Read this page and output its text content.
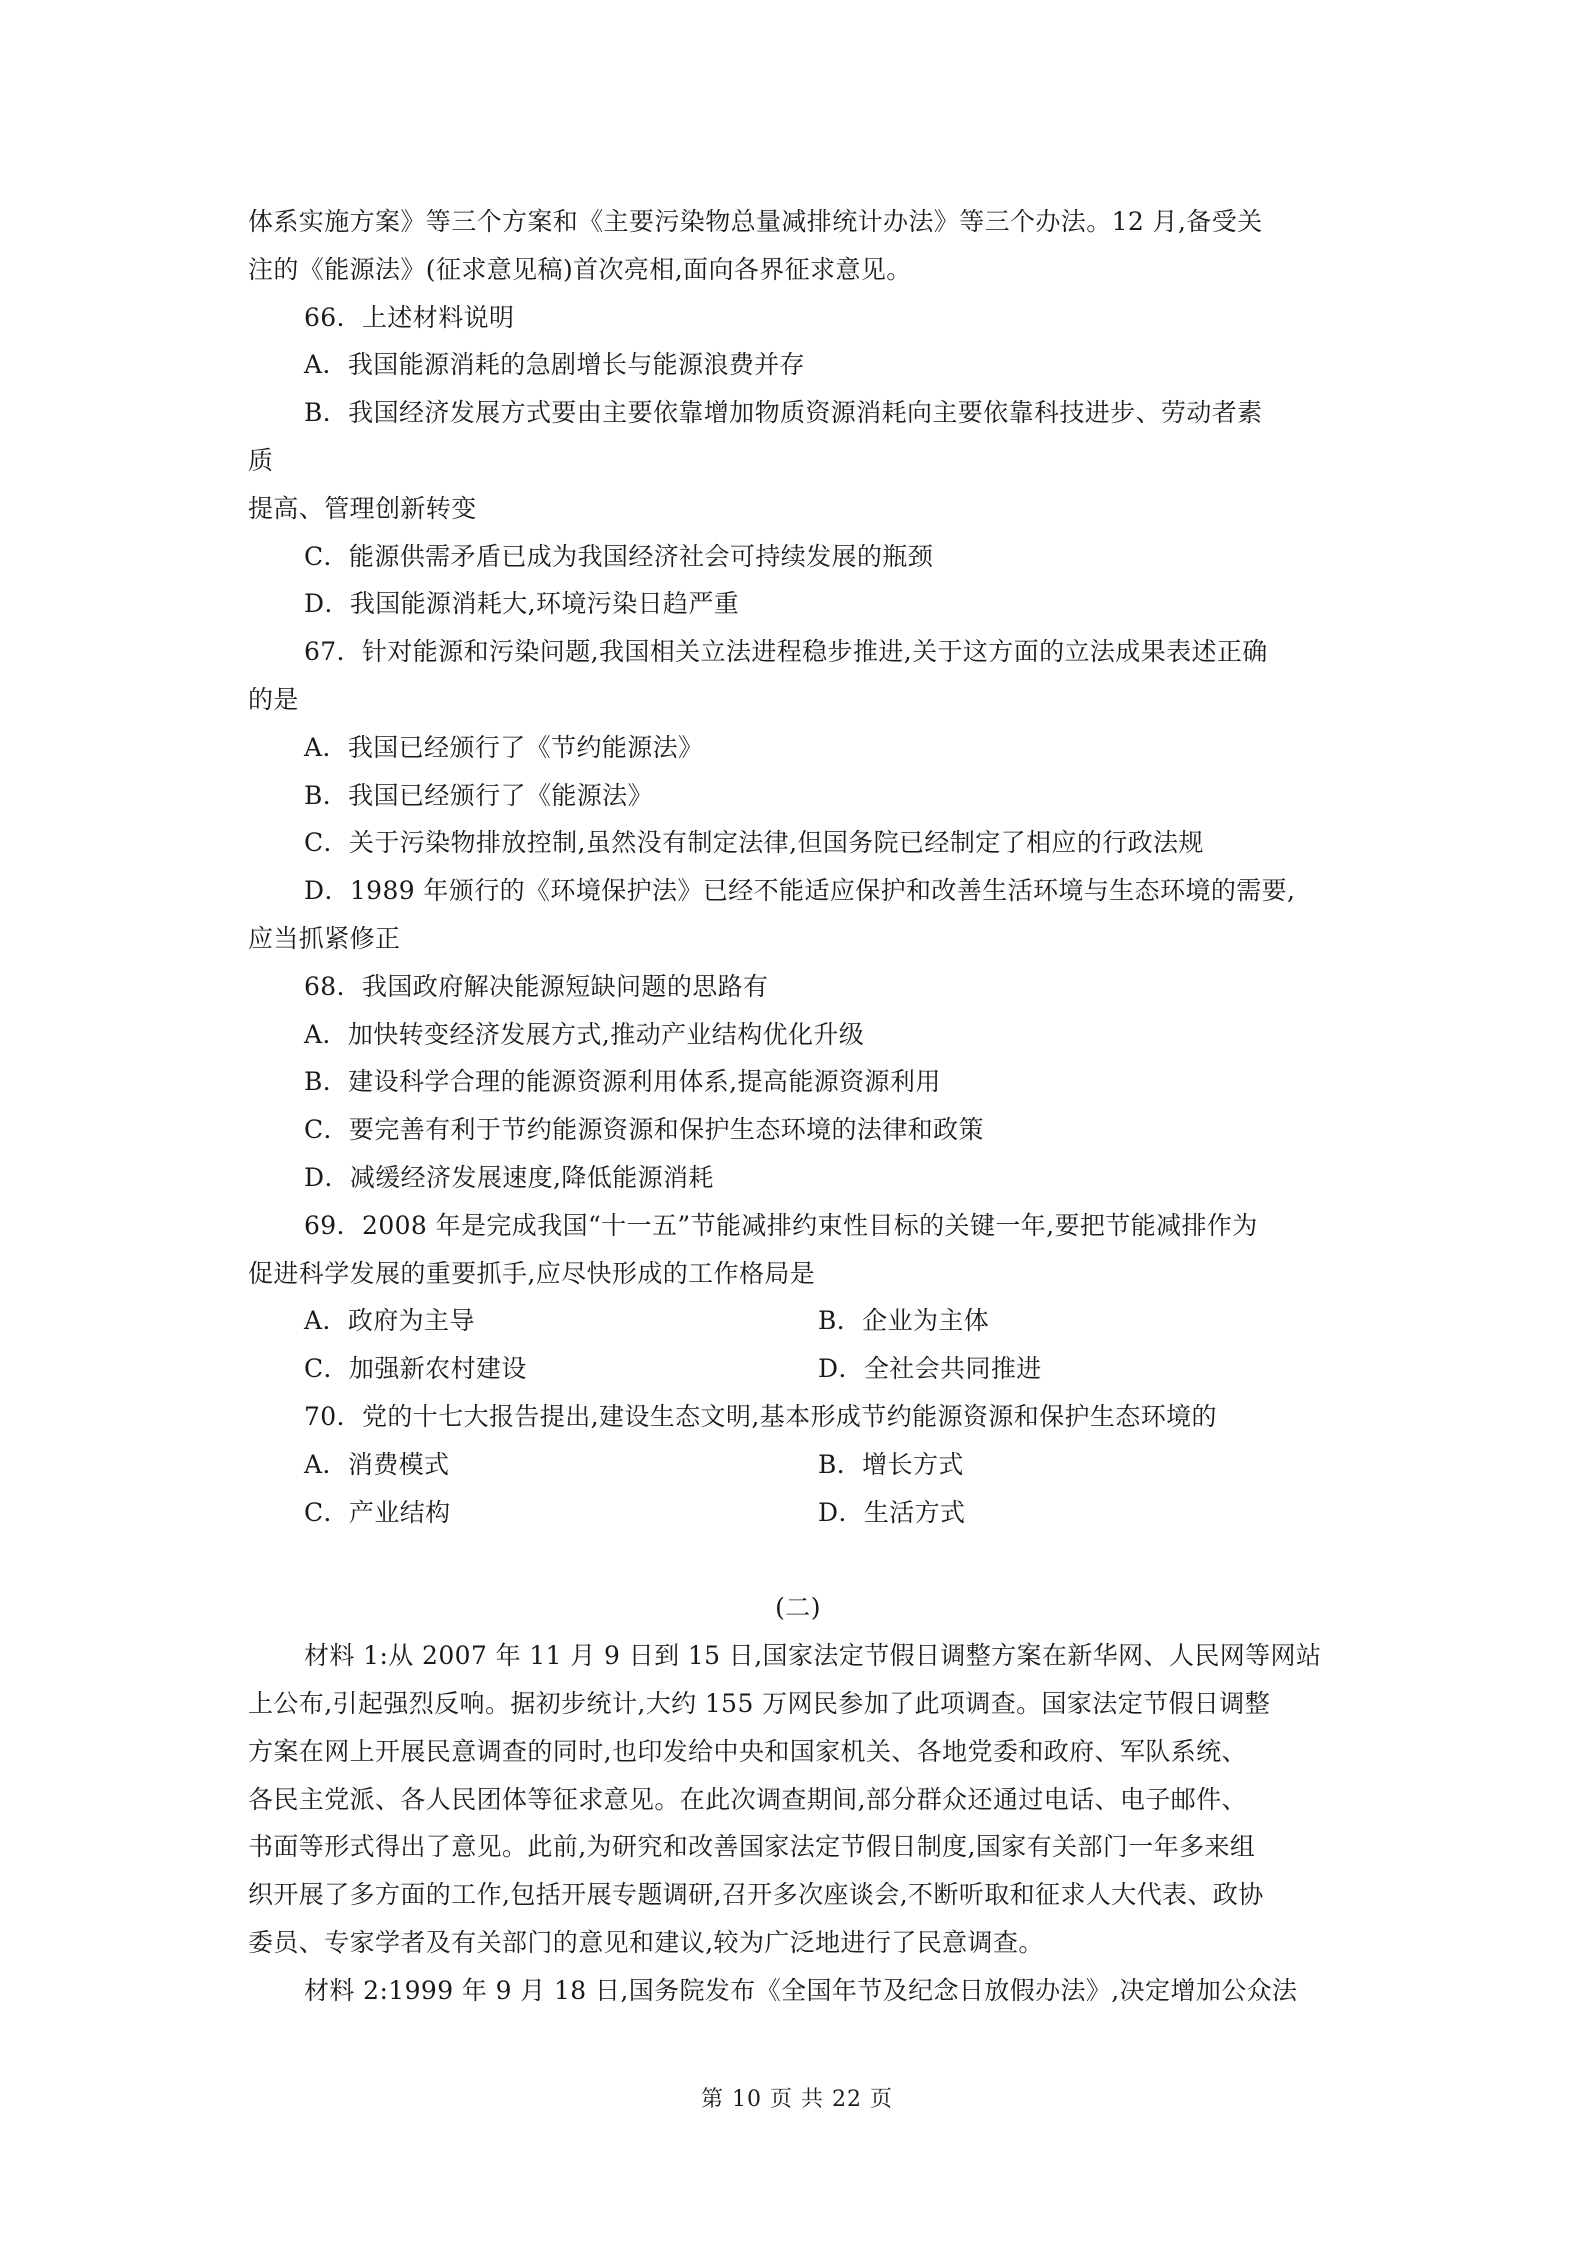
体系实施方案》等三个方案和《主要污染物总量减排统计办法》等三个办法。12 月,备受关
注的《能源法》(征求意见稿)首次亮相,面向各界征求意见。
66．上述材料说明
A．我国能源消耗的急剧增长与能源浪费并存
B．我国经济发展方式要由主要依靠增加物质资源消耗向主要依靠科技进步、劳动者素
质
提高、管理创新转变
C．能源供需矛盾已成为我国经济社会可持续发展的瓶颈
D．我国能源消耗大,环境污染日趋严重
67．针对能源和污染问题,我国相关立法进程稳步推进,关于这方面的立法成果表述正确
的是
A．我国已经颁行了《节约能源法》
B．我国已经颁行了《能源法》
C．关于污染物排放控制,虽然没有制定法律,但国务院已经制定了相应的行政法规
D．1989 年颁行的《环境保护法》已经不能适应保护和改善生活环境与生态环境的需要,
应当抓紧修正
68．我国政府解决能源短缺问题的思路有
A．加快转变经济发展方式,推动产业结构优化升级
B．建设科学合理的能源资源利用体系,提高能源资源利用
C．要完善有利于节约能源资源和保护生态环境的法律和政策
D．减缓经济发展速度,降低能源消耗
69．2008 年是完成我国“十一五”节能减排约束性目标的关键一年,要把节能减排作为
促进科学发展的重要抓手,应尽快形成的工作格局是
A．政府为主导	B．企业为主体
C．加强新农村建设	D．全社会共同推进
70．党的十七大报告提出,建设生态文明,基本形成节约能源资源和保护生态环境的
A．消费模式	B．增长方式
C．产业结构	D．生活方式
(二)
材料 1:从 2007 年 11 月 9 日到 15 日,国家法定节假日调整方案在新华网、人民网等网站
上公布,引起强烈反响。据初步统计,大约 155 万网民参加了此项调查。国家法定节假日调整
方案在网上开展民意调查的同时,也印发给中央和国家机关、各地党委和政府、军队系统、
各民主党派、各人民团体等征求意见。在此次调查期间,部分群众还通过电话、电子邮件、
书面等形式得出了意见。此前,为研究和改善国家法定节假日制度,国家有关部门一年多来组
织开展了多方面的工作,包括开展专题调研,召开多次座谈会,不断听取和征求人大代表、政协
委员、专家学者及有关部门的意见和建议,较为广泛地进行了民意调查。
材料 2:1999 年 9 月 18 日,国务院发布《全国年节及纪念日放假办法》,决定增加公众法
第 10 页 共 22 页
